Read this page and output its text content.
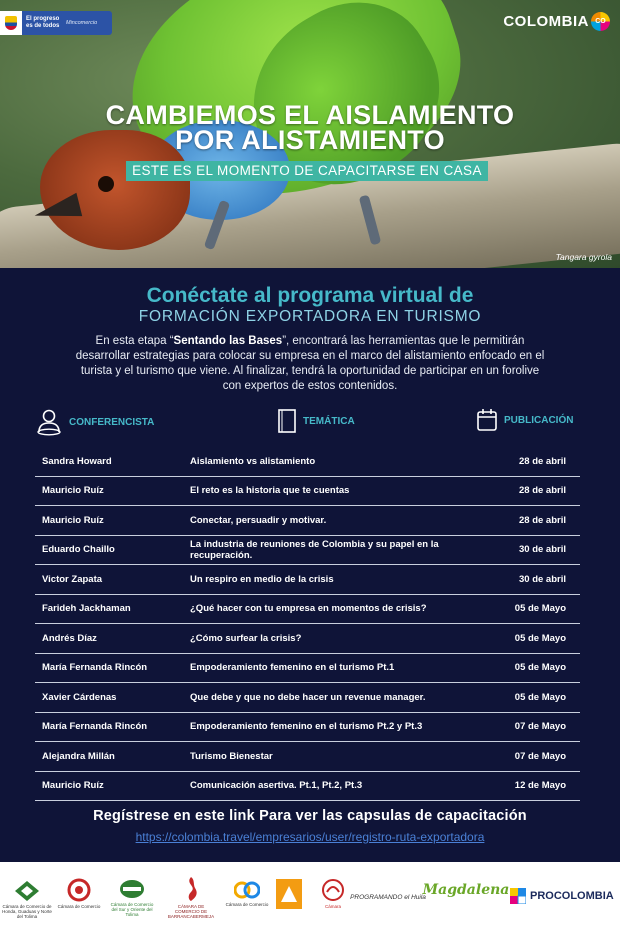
El progreso es de todos	Mincomercio	COLOMBIA CO
CAMBIEMOS EL AISLAMIENTO
POR ALISTAMIENTO
ESTE ES EL MOMENTO DE CAPACITARSE EN CASA
Tangara gyrola
Conéctate al programa virtual de
FORMACIÓN EXPORTADORA EN TURISMO
En esta etapa “Sentando las Bases”, encontrará las herramientas que le permitirán desarrollar estrategias para colocar su empresa en el marco del alistamiento enfocado en el turista y el turismo que viene. Al finalizar, tendrá la oportunidad de participar en un forolive con expertos de estos contenidos.
CONFERENCISTA	TEMÁTICA	PUBLICACIÓN
Sandra Howard	Aislamiento vs alistamiento	28 de abril
Mauricio Ruíz	El reto es la historia que te cuentas	28 de abril
Mauricio Ruíz	Conectar, persuadir y motivar.	28 de abril
Eduardo Chaillo	La industria de reuniones de Colombia y su papel en la recuperación.	30 de abril
Victor Zapata	Un respiro en medio de la crisis	30 de abril
Farideh Jackhaman	¿Qué hacer con tu empresa en momentos de crisis?	05 de Mayo
Andrés Díaz	¿Cómo surfear la crisis?	05 de Mayo
María Fernanda Rincón	Empoderamiento femenino en el turismo Pt.1	05 de Mayo
Xavier Cárdenas	Que debe y que no debe hacer un revenue manager.	05 de Mayo
María Fernanda Rincón	Empoderamiento femenino en el turismo Pt.2 y Pt.3	07 de Mayo
Alejandra Millán	Turismo Bienestar	07 de Mayo
Mauricio Ruíz	Comunicación asertiva. Pt.1, Pt.2, Pt.3	12 de Mayo
Regístrese en este link Para ver las capsulas de capacitación
https://colombia.travel/empresarios/user/registro-ruta-exportadora
Cámara de Comercio de Honda, Guaduas y Norte del Tolima
Cámara de Comercio	Cámara de Comercio del Sur y Oriente del Tolima
CÁMARA DE COMERCIO DE BARRANCABERMEJA
Cámara de Comercio	Cámara
PROGRAMANDO el Huila
Magdalena PROCOLOMBIA
